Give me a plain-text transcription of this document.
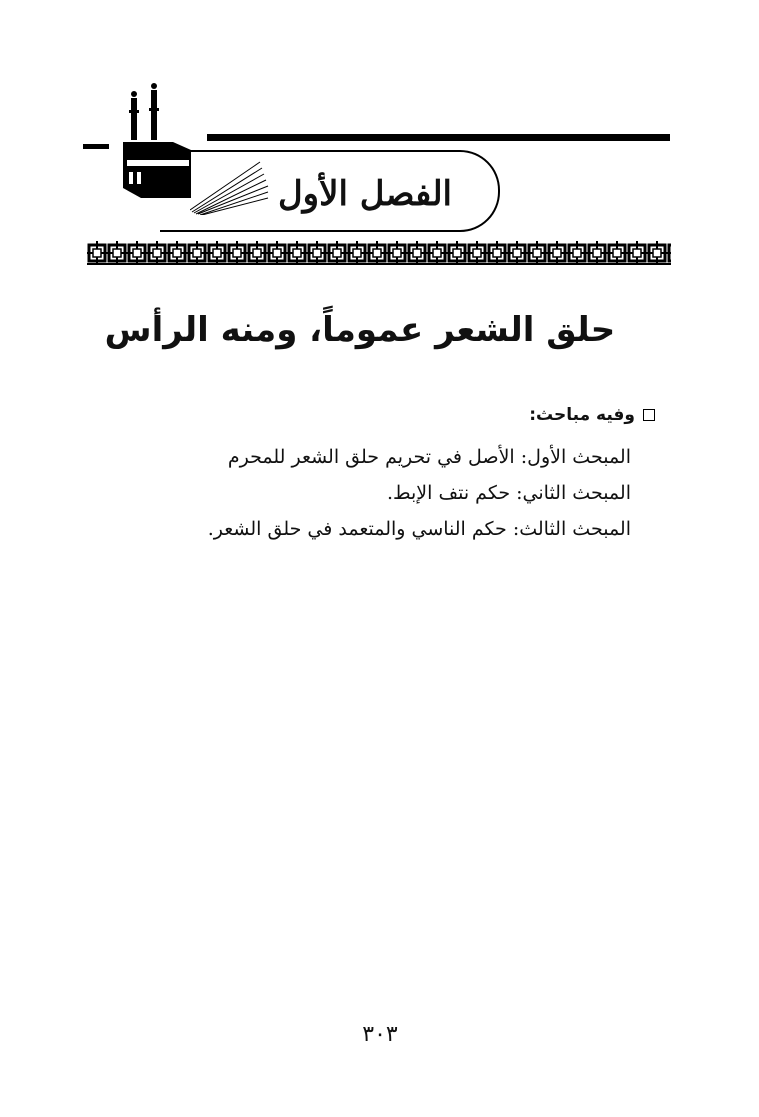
الفصل الأول
حلق الشعر عموماً، ومنه الرأس
وفيه مباحث:
المبحث الأول: الأصل في تحريم حلق الشعر للمحرم
المبحث الثاني: حكم نتف الإبط.
المبحث الثالث: حكم الناسي والمتعمد في حلق الشعر.
٣٠٣
